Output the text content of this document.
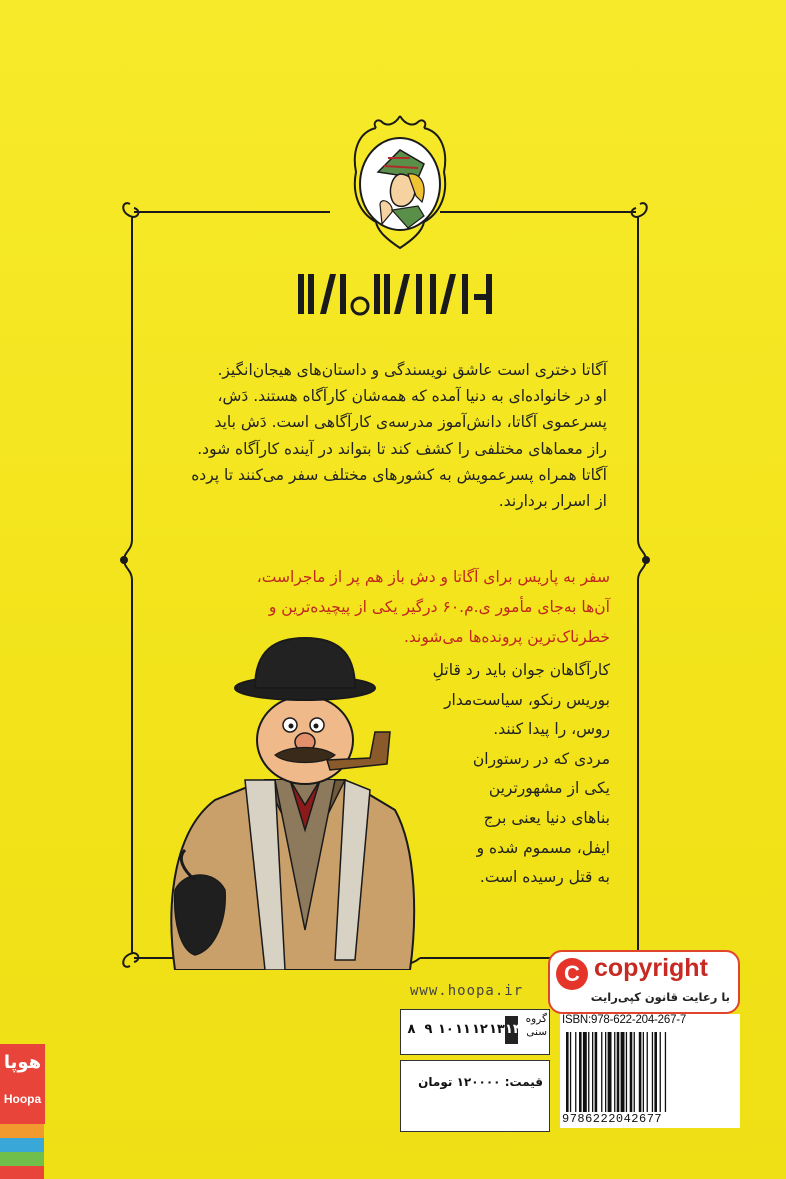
کارآگاه آگاتا
آگاتا دختری است عاشق نویسندگی و داستان‌های هیجان‌انگیز.
او در خانواده‌ای به دنیا آمده که همه‌شان کارآگاه هستند. دَش،
پسرعموی آگاتا، دانش‌آموز مدرسه‌ی کارآگاهی است. دَش باید
راز معماهای مختلفی را کشف کند تا بتواند در آینده کارآگاه شود.
آگاتا همراه پسرعمویش به کشورهای مختلف سفر می‌کنند تا پرده
از اسرار بردارند.
سفر به پاریس برای آگاتا و دش باز هم پر از ماجراست،
آن‌ها به‌جای مأمور ی.م.۶۰ درگیر یکی از پیچیده‌ترین و
خطرناک‌ترین پرونده‌ها می‌شوند.
کارآگاهان جوان باید رد قاتلِ
بوریس رنکو، سیاست‌مدار
روس، را پیدا کنند.
مردی که در رستوران
یکی از مشهورترین
بناهای دنیا یعنی برج
ایفل، مسموم شده و
به قتل رسیده است.
C copyright
با رعایت قانون کپی‌رایت
www.hoopa.ir
گروه سنی
۱۴
۱۳
۱۲
۱۱
۱۰
۹
۸
قیمت: ۱۲۰۰۰۰ تومان
ISBN:978-622-204-267-7
9786222042677
هوپا
Hoopa
